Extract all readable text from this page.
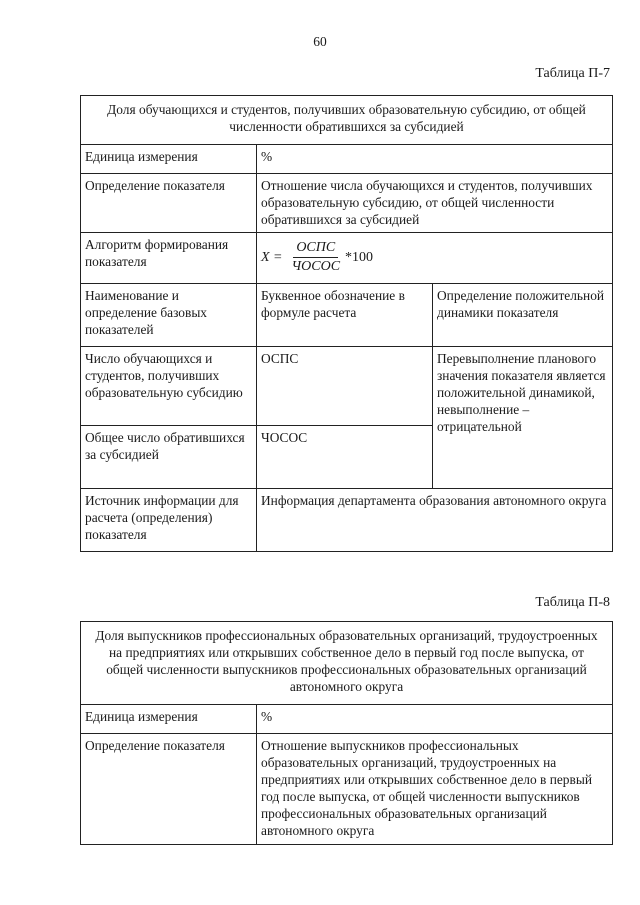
60
Таблица П-7
Доля обучающихся и студентов, получивших образовательную субсидию, от общей численности обратившихся за субсидией		
Единица измерения	%	
Определение показателя	Отношение числа обучающихся и студентов, получивших образовательную субсидию, от общей численности обратившихся за субсидией	
Алгоритм формирования показателя	$X = \frac{\text{ОСПС}}{\text{ЧОСОС}} *100$	

Наименование и определение базовых показателей	Буквенное обозначение в формуле расчета	Определение положительной динамики показателя
Число обучающихся и студентов, получивших образовательную субсидию	ОСПС	Перевыполнение планового значения показателя является положительной динамикой, невыполнение – отрицательной
Общее число обратившихся за субсидией	ЧОСОС	
Источник информации для расчета (определения) показателя	Информация департамента образования автономного округа	
Таблица П-8
Доля выпускников профессиональных образовательных организаций, трудоустроенных на предприятиях или открывших собственное дело в первый год после выпуска, от общей численности выпускников профессиональных образовательных организаций автономного округа	
Единица измерения	%
Определение показателя	Отношение выпускников профессиональных образовательных организаций, трудоустроенных на предприятиях или открывших собственное дело в первый год после выпуска, от общей численности выпускников профессиональных образовательных организаций автономного округа
